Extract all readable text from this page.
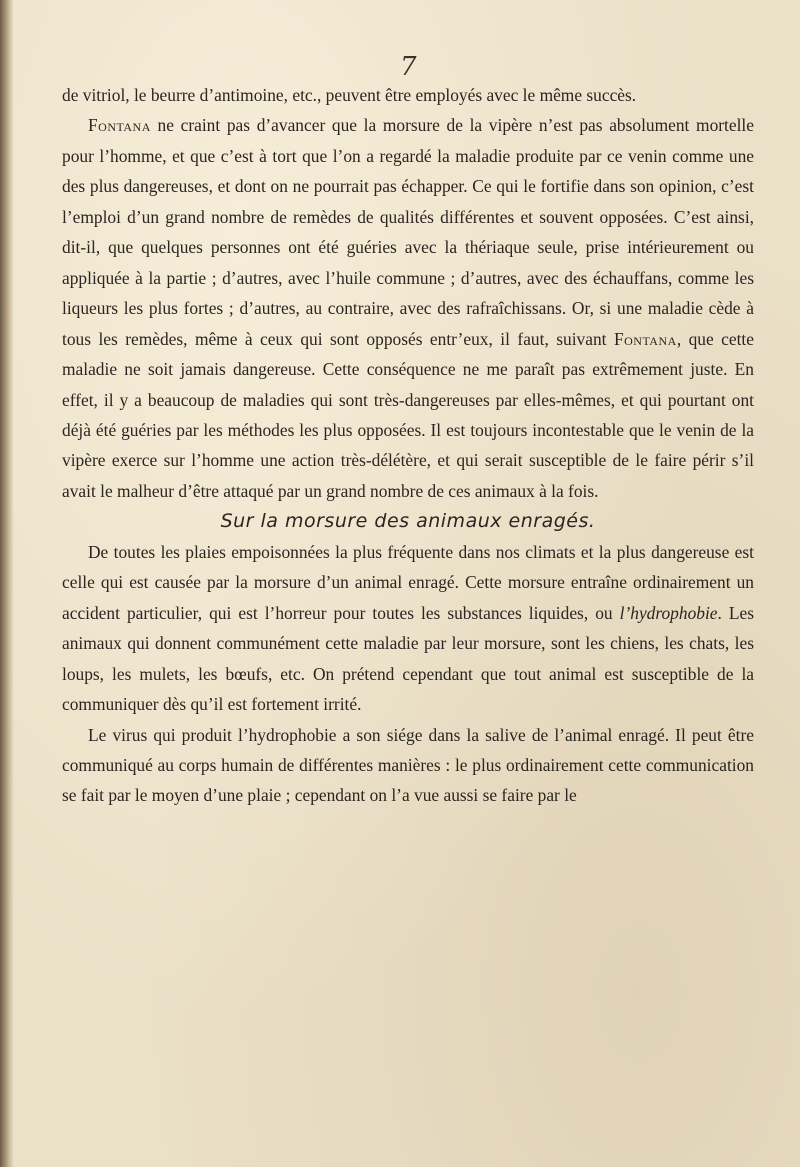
7

de vitriol, le beurre d’antimoine, etc., peuvent être employés avec le même succès.

Fontana ne craint pas d’avancer que la morsure de la vipère n’est pas absolument mortelle pour l’homme, et que c’est à tort que l’on a regardé la maladie produite par ce venin comme une des plus dangereuses, et dont on ne pourrait pas échapper. Ce qui le fortifie dans son opinion, c’est l’emploi d’un grand nombre de remèdes de qualités différentes et souvent opposées. C’est ainsi, dit-il, que quelques personnes ont été guéries avec la thériaque seule, prise intérieurement ou appliquée à la partie ; d’autres, avec l’huile commune ; d’autres, avec des échauffans, comme les liqueurs les plus fortes ; d’autres, au contraire, avec des rafraîchissans. Or, si une maladie cède à tous les remèdes, même à ceux qui sont opposés entr’eux, il faut, suivant Fontana, que cette maladie ne soit jamais dangereuse. Cette conséquence ne me paraît pas extrêmement juste. En effet, il y a beaucoup de maladies qui sont très-dangereuses par elles-mêmes, et qui pourtant ont déjà été guéries par les méthodes les plus opposées. Il est toujours incontestable que le venin de la vipère exerce sur l’homme une action très-délétère, et qui serait susceptible de le faire périr s’il avait le malheur d’être attaqué par un grand nombre de ces animaux à la fois.

Sur la morsure des animaux enragés.

De toutes les plaies empoisonnées la plus fréquente dans nos climats et la plus dangereuse est celle qui est causée par la morsure d’un animal enragé. Cette morsure entraîne ordinairement un accident particulier, qui est l’horreur pour toutes les substances liquides, ou l’hydrophobie. Les animaux qui donnent communément cette maladie par leur morsure, sont les chiens, les chats, les loups, les mulets, les bœufs, etc. On prétend cependant que tout animal est susceptible de la communiquer dès qu’il est fortement irrité.

Le virus qui produit l’hydrophobie a son siége dans la salive de l’animal enragé. Il peut être communiqué au corps humain de différentes manières : le plus ordinairement cette communication se fait par le moyen d’une plaie ; cependant on l’a vue aussi se faire par le
